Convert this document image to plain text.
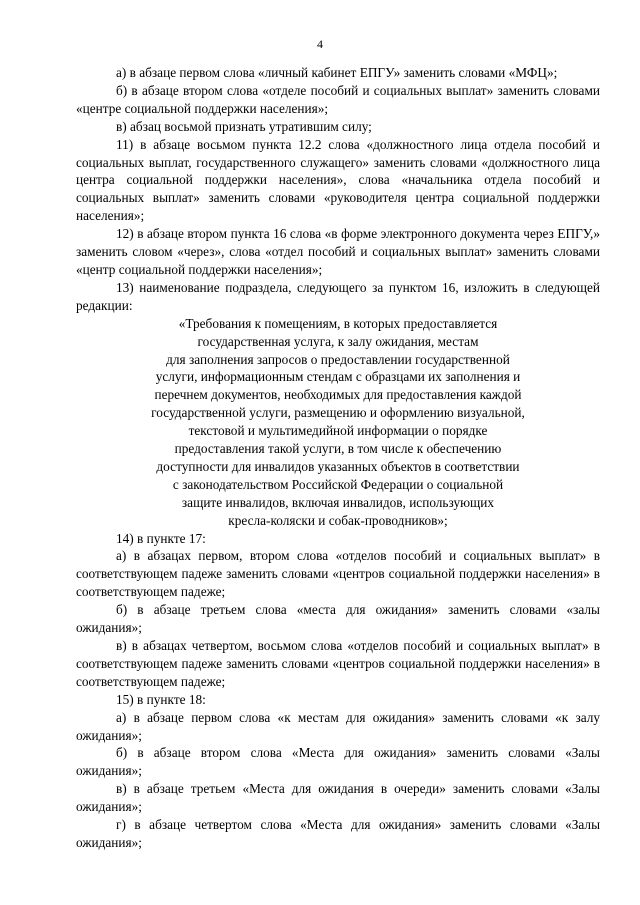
4

а) в абзаце первом слова «личный кабинет ЕПГУ» заменить словами «МФЦ»;

б) в абзаце втором слова «отделе пособий и социальных выплат» заменить словами «центре социальной поддержки населения»;

в) абзац восьмой признать утратившим силу;

11) в абзаце восьмом пункта 12.2 слова «должностного лица отдела пособий и социальных выплат, государственного служащего» заменить словами «должностного лица центра социальной поддержки населения», слова «начальника отдела пособий и социальных выплат» заменить словами «руководителя центра социальной поддержки населения»;

12) в абзаце втором пункта 16 слова «в форме электронного документа через ЕПГУ,» заменить словом «через», слова «отдел пособий и социальных выплат» заменить словами «центр социальной поддержки населения»;

13) наименование подраздела, следующего за пунктом 16, изложить в следующей редакции:

«Требования к помещениям, в которых предоставляется
государственная услуга, к залу ожидания, местам
для заполнения запросов о предоставлении государственной
услуги, информационным стендам с образцами их заполнения и
перечнем документов, необходимых для предоставления каждой
государственной услуги, размещению и оформлению визуальной,
текстовой и мультимедийной информации о порядке
предоставления такой услуги, в том числе к обеспечению
доступности для инвалидов указанных объектов в соответствии
с законодательством Российской Федерации о социальной
защите инвалидов, включая инвалидов, использующих
кресла-коляски и собак-проводников»;

14) в пункте 17:

а) в абзацах первом, втором слова «отделов пособий и социальных выплат» в соответствующем падеже заменить словами «центров социальной поддержки населения» в соответствующем падеже;

б) в абзаце третьем слова «места для ожидания» заменить словами «залы ожидания»;

в) в абзацах четвертом, восьмом слова «отделов пособий и социальных выплат» в соответствующем падеже заменить словами «центров социальной поддержки населения» в соответствующем падеже;

15) в пункте 18:

а) в абзаце первом слова «к местам для ожидания» заменить словами «к залу ожидания»;

б) в абзаце втором слова «Места для ожидания» заменить словами «Залы ожидания»;

в) в абзаце третьем «Места для ожидания в очереди» заменить словами «Залы ожидания»;

г) в абзаце четвертом слова «Места для ожидания» заменить словами «Залы ожидания»;
